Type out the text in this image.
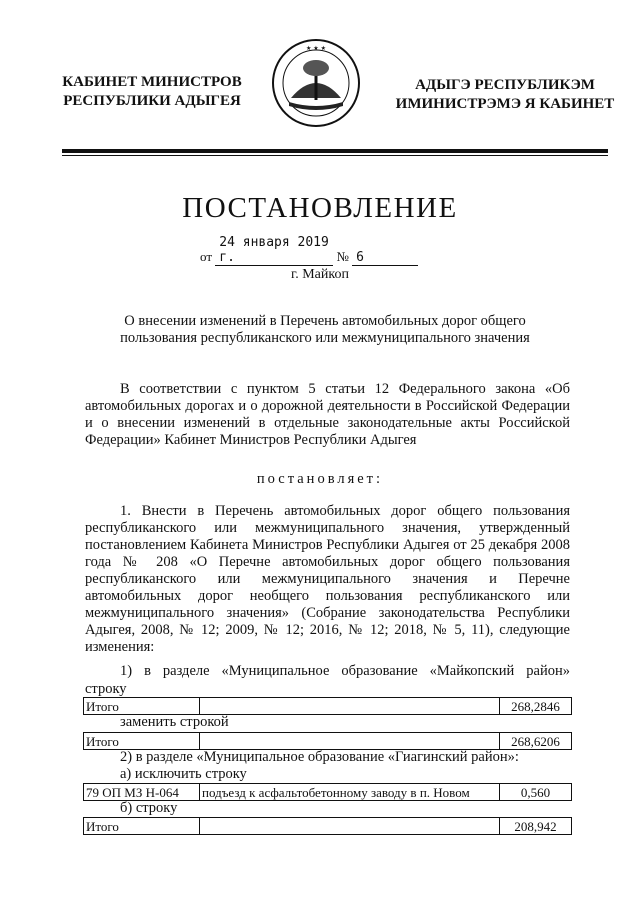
КАБИНЕТ МИНИСТРОВ
РЕСПУБЛИКИ АДЫГЕЯ
★ ★ ★
АДЫГЭ РЕСПУБЛИКЭМ
ИМИНИСТРЭМЭ Я КАБИНЕТ
ПОСТАНОВЛЕНИЕ
от 24 января 2019 г.	№ 6
г. Майкоп
О внесении изменений в Перечень автомобильных дорог общего пользования республиканского или межмуниципального значения
В соответствии с пунктом 5 статьи 12 Федерального закона «Об автомобильных дорогах и о дорожной деятельности в Российской Федерации и о внесении изменений в отдельные законодательные акты Российской Федерации» Кабинет Министров Республики Адыгея
постановляет:
1. Внести в Перечень автомобильных дорог общего пользования республиканского или межмуниципального значения, утвержденный постановлением Кабинета Министров Республики Адыгея от 25 декабря 2008 года № 208 «О Перечне автомобильных дорог общего пользования республиканского или межмуниципального значения и Перечне автомобильных дорог необщего пользования республиканского или межмуниципального значения» (Собрание законодательства Республики Адыгея, 2008, № 12; 2009, № 12; 2016, № 12; 2018, № 5, 11), следующие изменения:
1) в разделе «Муниципальное образование «Майкопский район»
строку
Итого		268,2846
заменить строкой
Итого		268,6206
2) в разделе «Муниципальное образование «Гиагинский район»:
а) исключить строку
79 ОП МЗ Н-064	подъезд к асфальтобетонному заводу в п. Новом	0,560
б) строку
Итого		208,942
